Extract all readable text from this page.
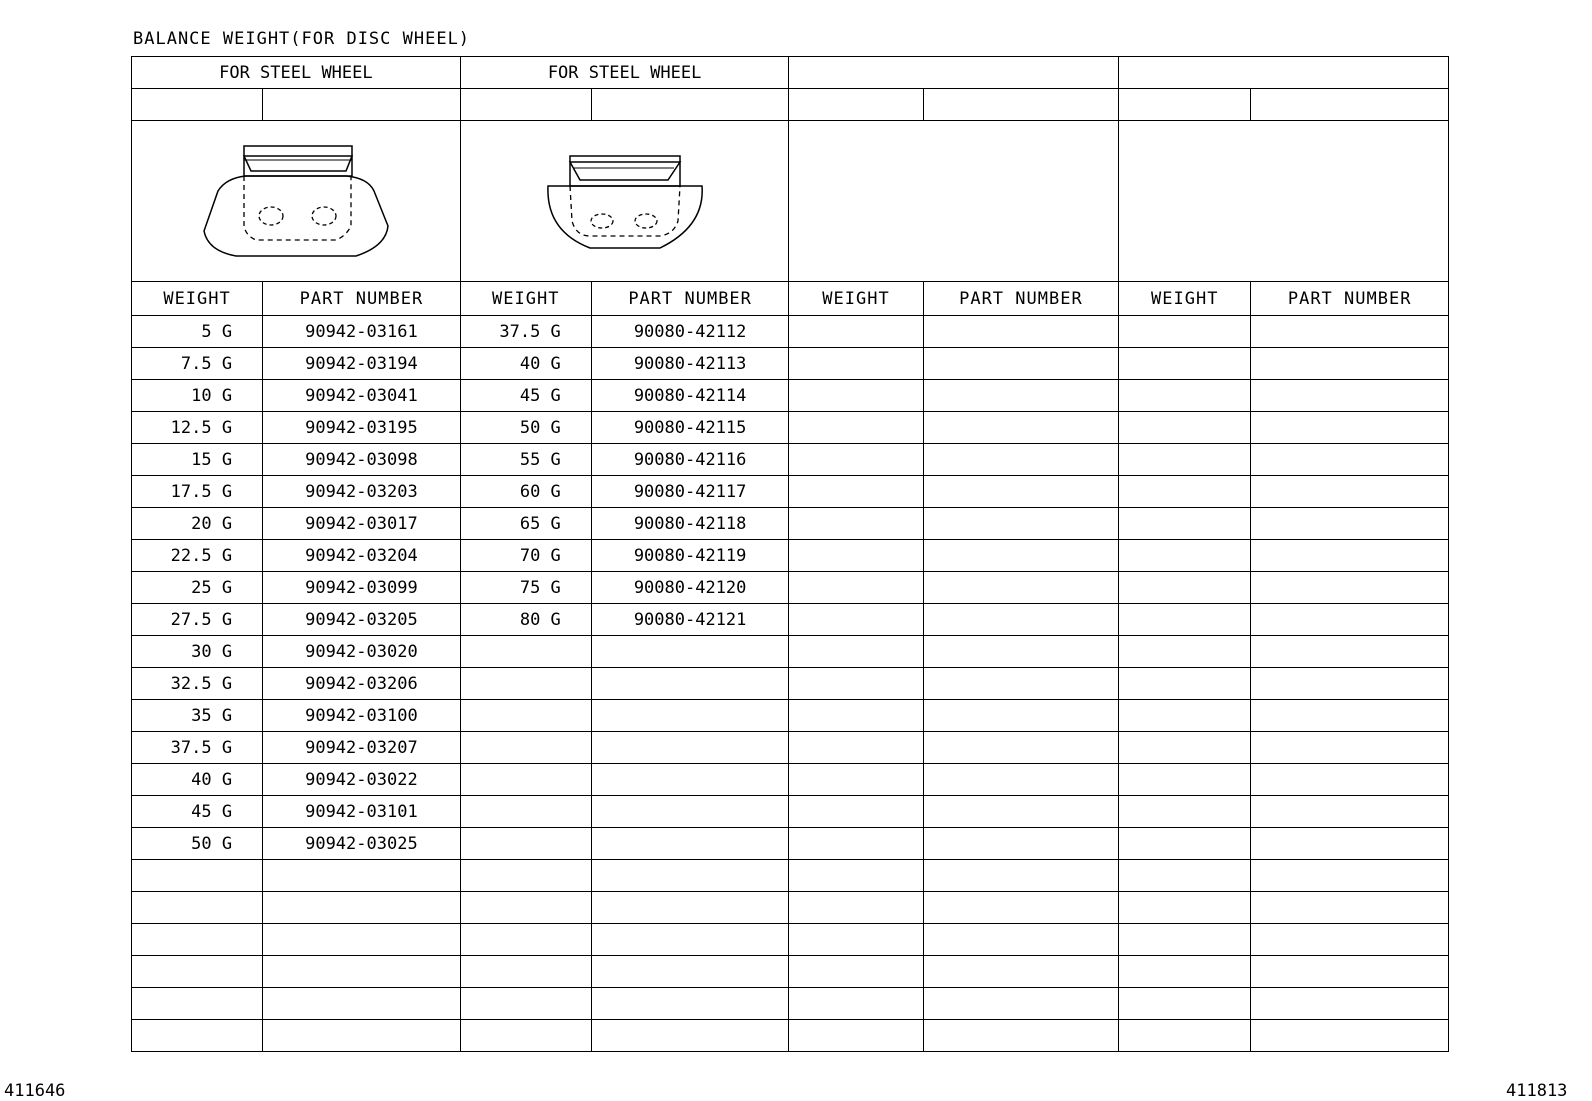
BALANCE WEIGHT(FOR DISC WHEEL)
FOR STEEL WHEEL		FOR STEEL WHEEL					

WEIGHT	PART NUMBER	WEIGHT	PART NUMBER	WEIGHT	PART NUMBER	WEIGHT	PART NUMBER
5 G	90942-03161	37.5 G	90080-42112				
7.5 G	90942-03194	40 G	90080-42113				
10 G	90942-03041	45 G	90080-42114				
12.5 G	90942-03195	50 G	90080-42115				
15 G	90942-03098	55 G	90080-42116				
17.5 G	90942-03203	60 G	90080-42117				
20 G	90942-03017	65 G	90080-42118				
22.5 G	90942-03204	70 G	90080-42119				
25 G	90942-03099	75 G	90080-42120				
27.5 G	90942-03205	80 G	90080-42121				
30 G	90942-03020						
32.5 G	90942-03206						
35 G	90942-03100						
37.5 G	90942-03207						
40 G	90942-03022						
45 G	90942-03101						
50 G	90942-03025						

411646	411813
